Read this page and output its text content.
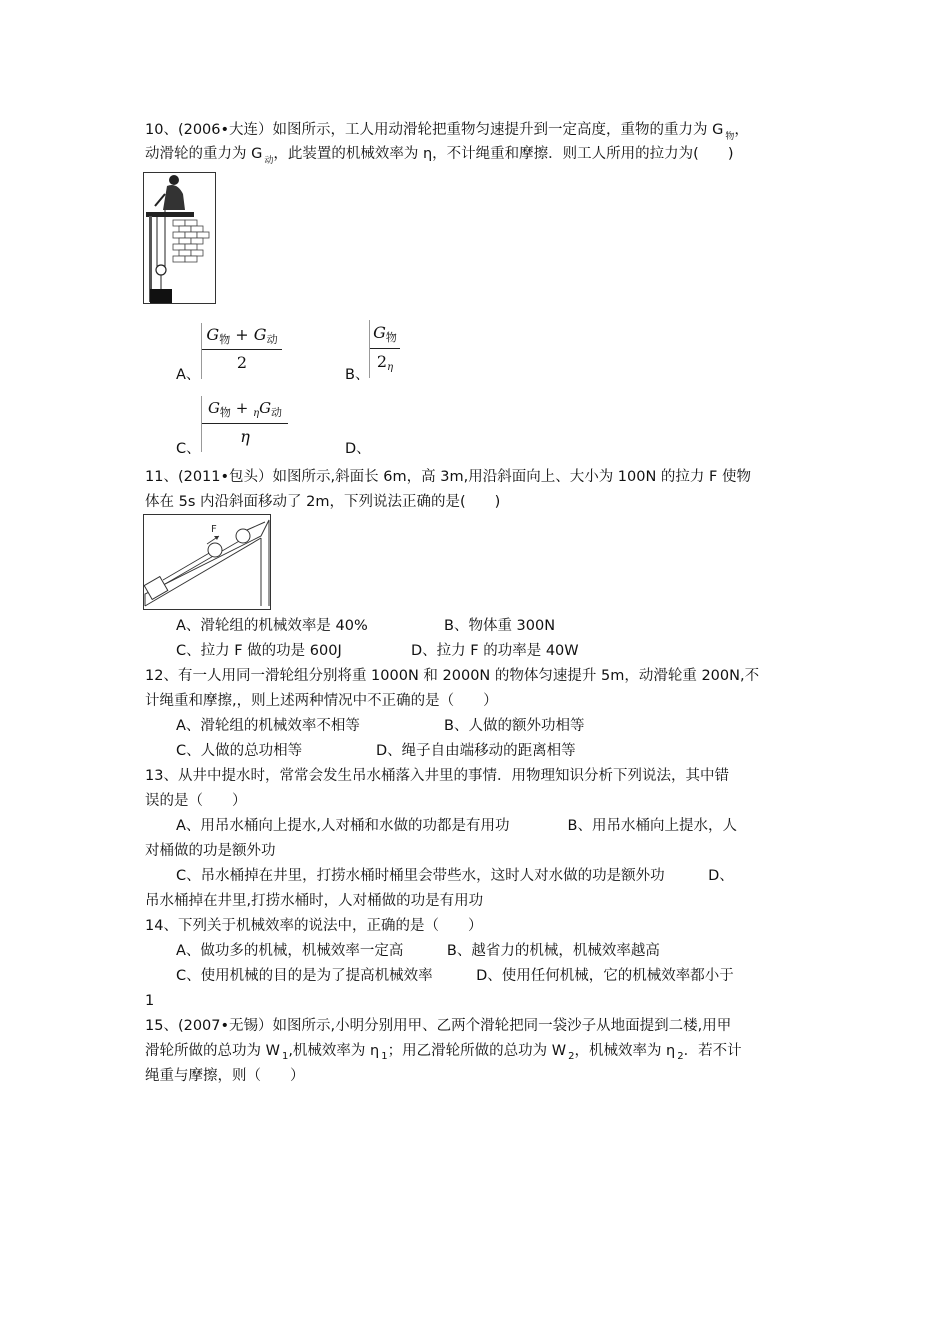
10、(2006•大连）如图所示，工人用动滑轮把重物匀速提升到一定高度，重物的重力为 G $_物$，
动滑轮的重力为 G $_动$，此装置的机械效率为 η，不计绳重和摩擦．则工人所用的拉力为(　　)
A、
G物 + G动
2
B、
G物
2η
C、
$G_物 + _\eta G_动$
η
D、
11、(2011•包头）如图所示,斜面长 6m，高 3m,用沿斜面向上、大小为 100N 的拉力 F 使物
体在 5s 内沿斜面移动了 2m，下列说法正确的是(　　)
F
A、滑轮组的机械效率是 40%	B、物体重 300N
C、拉力 F 做的功是 600J	D、拉力 F 的功率是 40W
12、有一人用同一滑轮组分别将重 1000N 和 2000N 的物体匀速提升 5m，动滑轮重 200N,不
计绳重和摩擦,，则上述两种情况中不正确的是（　　）
A、滑轮组的机械效率不相等	B、人做的额外功相等
C、人做的总功相等	D、绳子自由端移动的距离相等
13、从井中提水时，常常会发生吊水桶落入井里的事情．用物理知识分析下列说法，其中错
误的是（　　）
A、用吊水桶向上提水,人对桶和水做的功都是有用功　　　　B、用吊水桶向上提水，人
对桶做的功是额外功
C、吊水桶掉在井里，打捞水桶时桶里会带些水，这时人对水做的功是额外功　　　D、
吊水桶掉在井里,打捞水桶时，人对桶做的功是有用功
14、下列关于机械效率的说法中，正确的是（　　）
A、做功多的机械，机械效率一定高　　　B、越省力的机械，机械效率越高
C、使用机械的目的是为了提高机械效率　　　D、使用任何机械，它的机械效率都小于
1
15、(2007•无锡）如图所示,小明分别用甲、乙两个滑轮把同一袋沙子从地面提到二楼,用甲
滑轮所做的总功为 W $_1$,机械效率为 η $_1$；用乙滑轮所做的总功为 W $_2$，机械效率为 η $_2$．若不计
绳重与摩擦，则（　　）
